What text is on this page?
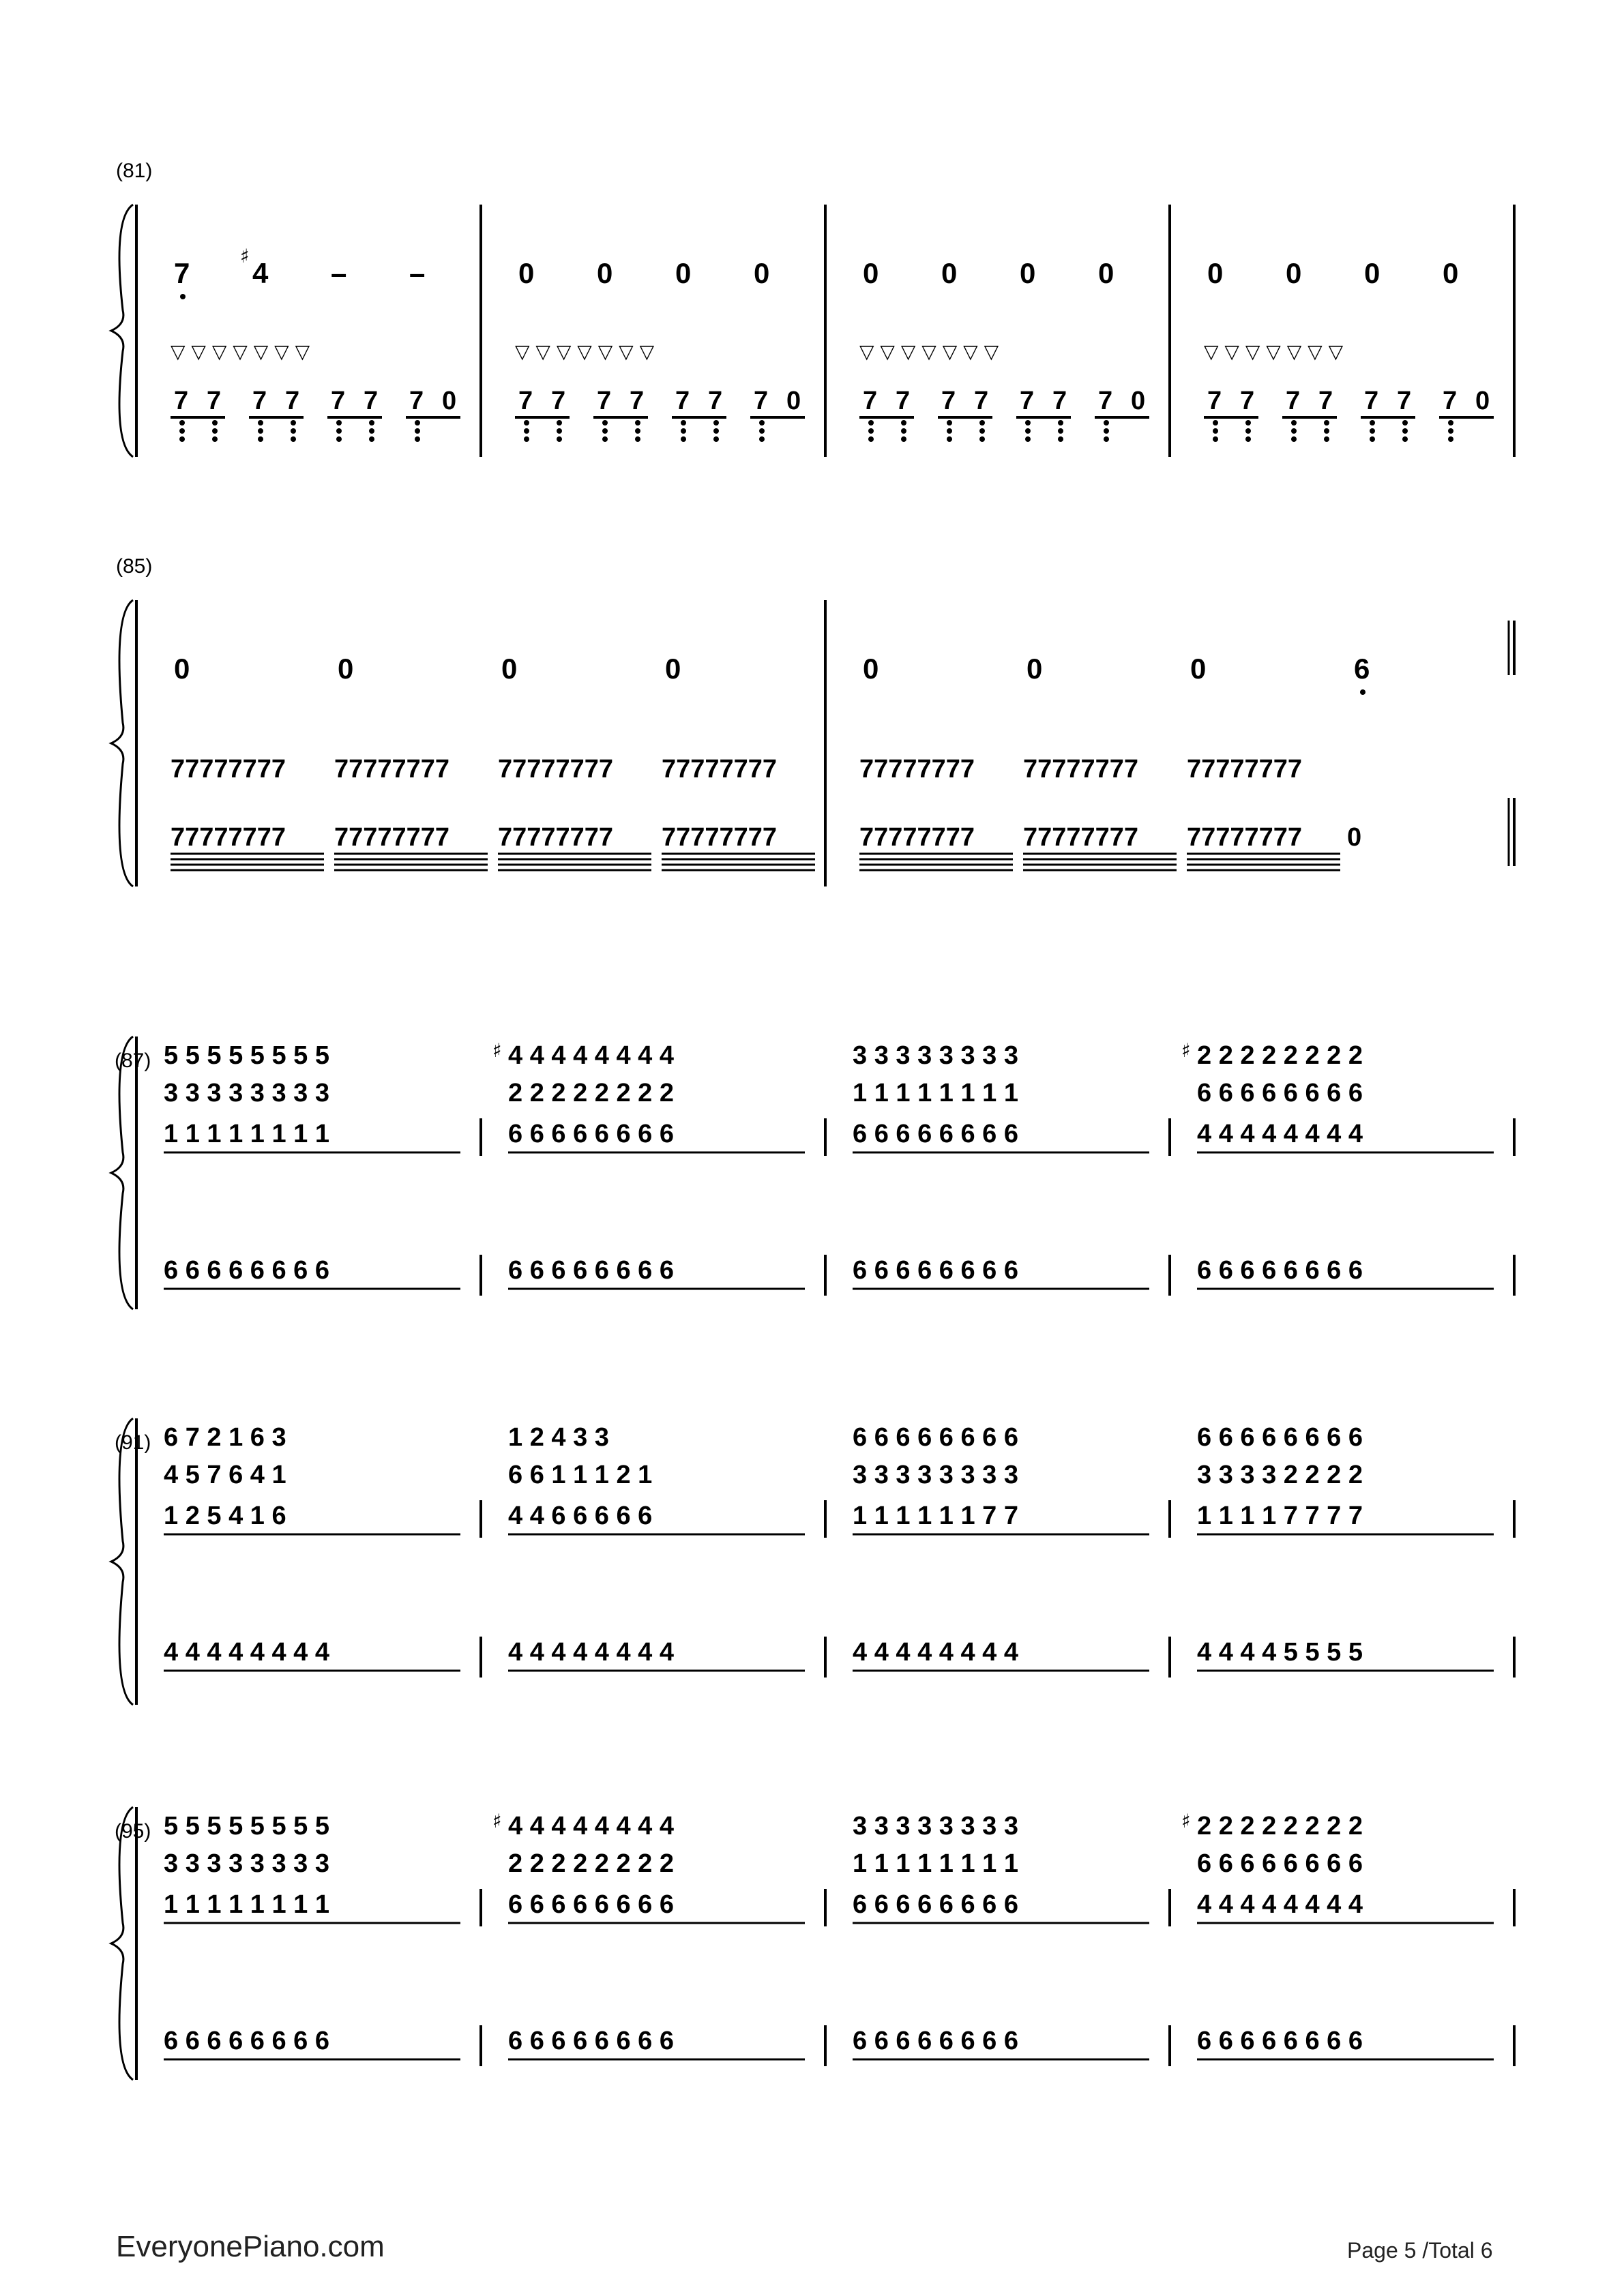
(81)
7
♯
4 – –
▽ ▽ ▽ ▽ ▽ ▽ ▽
7 7 7 7 7 7 7 0
0 0 0 0
▽ ▽ ▽ ▽ ▽ ▽ ▽
7 7 7 7 7 7 7 0
0 0 0 0
▽ ▽ ▽ ▽ ▽ ▽ ▽
7 7 7 7 7 7 7 0
0 0 0 0
▽ ▽ ▽ ▽ ▽ ▽ ▽
7 7 7 7 7 7 7 0
(85)
0	0	0	0
77777777
77777777
77777777
77777777
77777777
77777777
77777777
77777777
0	0	0	6
77777777
77777777
77777777
77777777
77777777
77777777 0
(87) 5 5 5 5 5 5 5 5
3 3 3 3 3 3 3 3
1 1 1 1 1 1 1 1
6 6 6 6 6 6 6 6
4 4 4 4 4 4 4 4
2 2 2 2 2 2 2 2
6 6 6 6 6 6 6 6
♯
6 6 6 6 6 6 6 6
3 3 3 3 3 3 3 3
1 1 1 1 1 1 1 1
6 6 6 6 6 6 6 6
6 6 6 6 6 6 6 6
2 2 2 2 2 2 2 2
6 6 6 6 6 6 6 6
4 4 4 4 4 4 4 4
♯
6 6 6 6 6 6 6 6
(91) 6 7 2 1 6 3
4 5 7 6 4 1
1 2 5 4 1 6
4 4 4 4 4 4 4 4
1 2 4 3 3
6 6 1 1 1 2 1
4 4 6 6 6 6 6
4 4 4 4 4 4 4 4
6 6 6 6 6 6 6 6
3 3 3 3 3 3 3 3
1 1 1 1 1 1 7 7
4 4 4 4 4 4 4 4
6 6 6 6 6 6 6 6
3 3 3 3 2 2 2 2
1 1 1 1 7 7 7 7
4 4 4 4 5 5 5 5
(95) 5 5 5 5 5 5 5 5
3 3 3 3 3 3 3 3
1 1 1 1 1 1 1 1
6 6 6 6 6 6 6 6
4 4 4 4 4 4 4 4
2 2 2 2 2 2 2 2
6 6 6 6 6 6 6 6
♯
6 6 6 6 6 6 6 6
3 3 3 3 3 3 3 3
1 1 1 1 1 1 1 1
6 6 6 6 6 6 6 6
6 6 6 6 6 6 6 6
2 2 2 2 2 2 2 2
6 6 6 6 6 6 6 6
4 4 4 4 4 4 4 4
♯
6 6 6 6 6 6 6 6
EveryonePiano.com	Page 5 /Total 6
